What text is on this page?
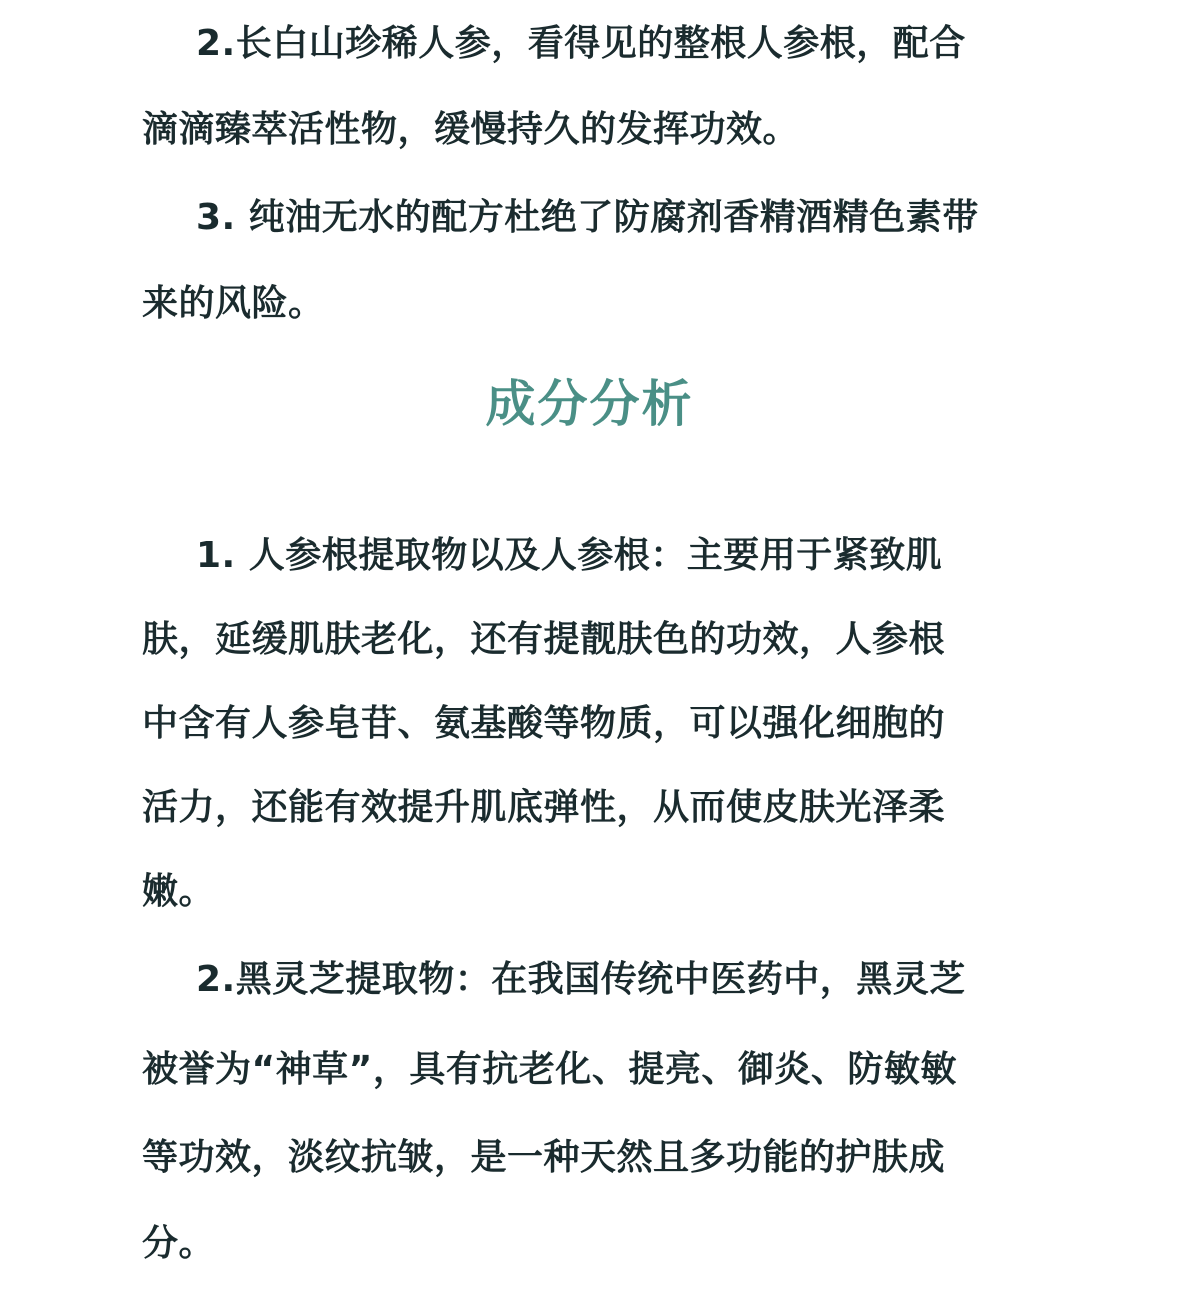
2.长白山珍稀人参，看得见的整根人参根，配合
滴滴臻萃活性物，缓慢持久的发挥功效。
3. 纯油无水的配方杜绝了防腐剂香精酒精色素带
来的风险。
成分分析
1. 人参根提取物以及人参根：主要用于紧致肌
肤，延缓肌肤老化，还有提靓肤色的功效，人参根
中含有人参皂苷、氨基酸等物质，可以强化细胞的
活力，还能有效提升肌底弹性，从而使皮肤光泽柔
嫩。
2.黑灵芝提取物：在我国传统中医药中，黑灵芝
被誉为“神草”，具有抗老化、提亮、御炎、防敏敏
等功效，淡纹抗皱，是一种天然且多功能的护肤成
分。
